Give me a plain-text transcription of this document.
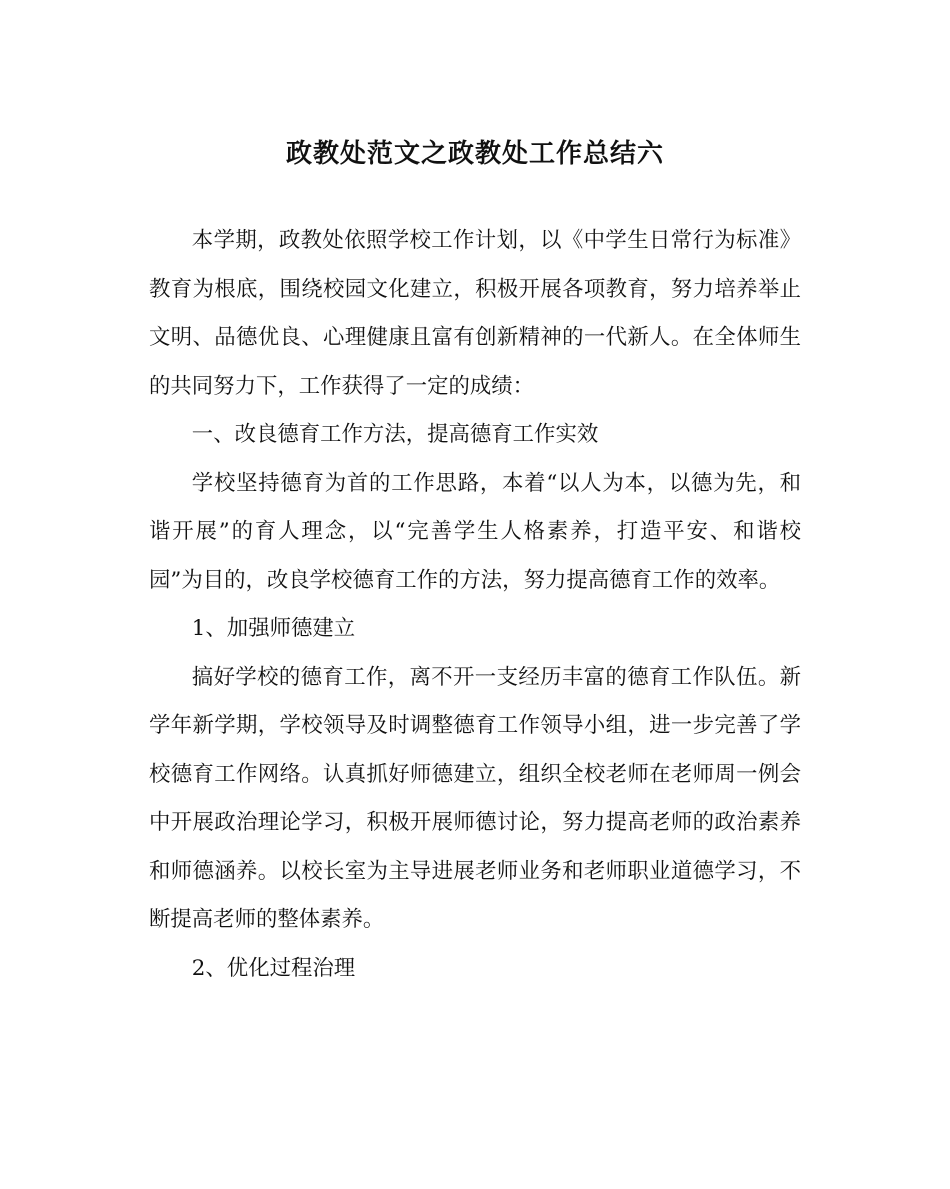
政教处范文之政教处工作总结六

本学期，政教处依照学校工作计划，以《中学生日常行为标准》教育为根底，围绕校园文化建立，积极开展各项教育，努力培养举止文明、品德优良、心理健康且富有创新精神的一代新人。在全体师生的共同努力下，工作获得了一定的成绩：

一、改良德育工作方法，提高德育工作实效

学校坚持德育为首的工作思路，本着“以人为本，以德为先，和谐开展”的育人理念，以“完善学生人格素养，打造平安、和谐校园”为目的，改良学校德育工作的方法，努力提高德育工作的效率。

1、加强师德建立

搞好学校的德育工作，离不开一支经历丰富的德育工作队伍。新学年新学期，学校领导及时调整德育工作领导小组，进一步完善了学校德育工作网络。认真抓好师德建立，组织全校老师在老师周一例会中开展政治理论学习，积极开展师德讨论，努力提高老师的政治素养和师德涵养。以校长室为主导进展老师业务和老师职业道德学习，不断提高老师的整体素养。

2、优化过程治理
